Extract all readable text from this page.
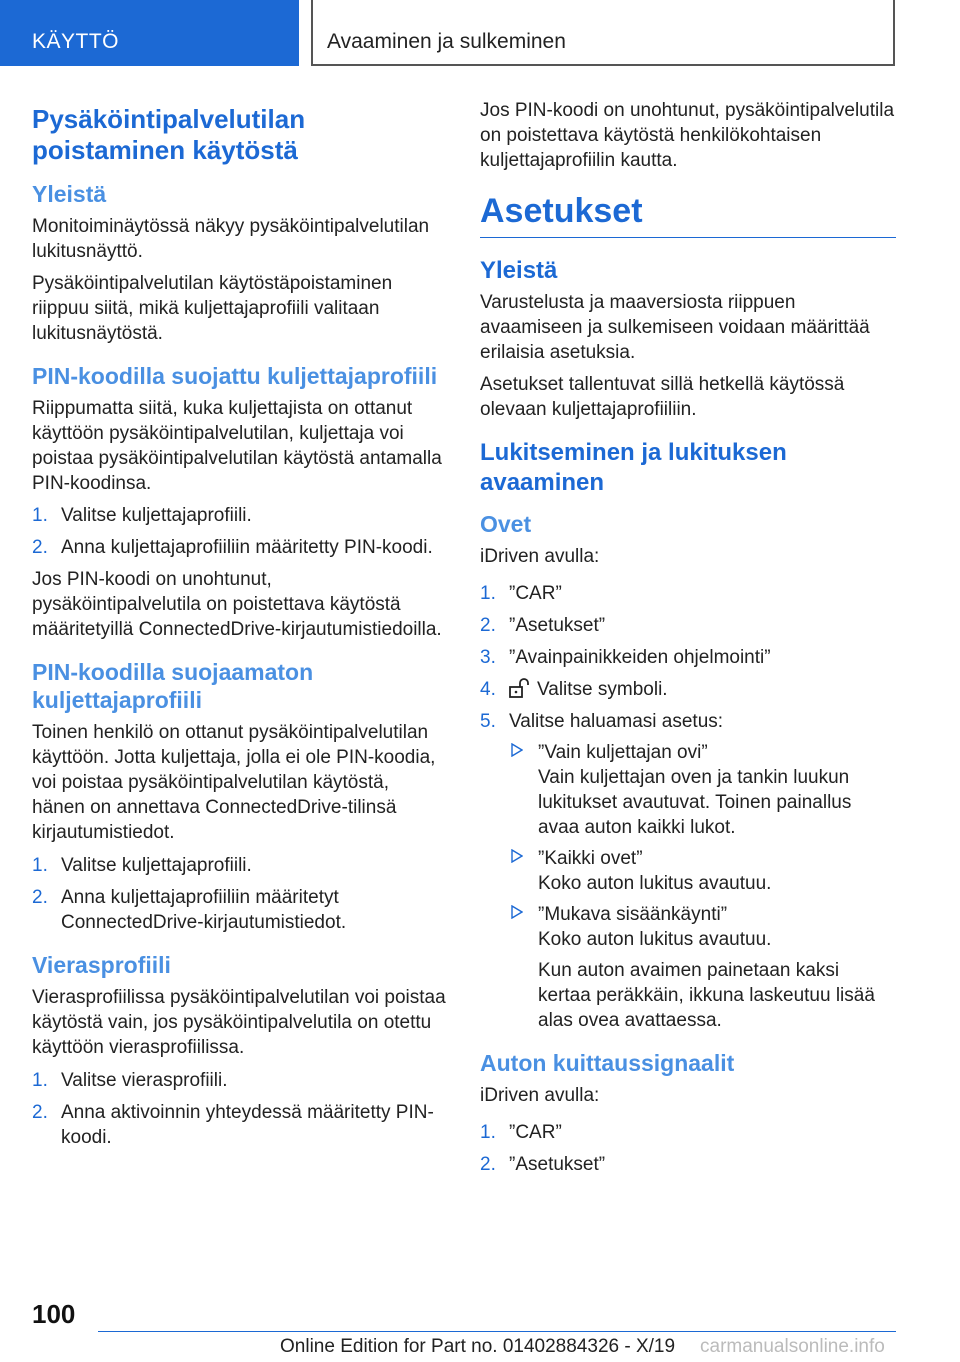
KÄYTTÖ	Avaaminen ja sulkeminen
Pysäköintipalvelutilan poistaminen käytöstä
Yleistä

Monitoiminäytössä näkyy pysäköintipalvelutilan lukitusnäyttö.

Pysäköintipalvelutilan käytöstäpoistaminen riippuu siitä, mikä kuljettajaprofiili valitaan lukitusnäytöstä.

PIN-koodilla suojattu kuljettajaprofiili

Riippumatta siitä, kuka kuljettajista on ottanut käyttöön pysäköintipalvelutilan, kuljettaja voi poistaa pysäköintipalvelutilan käytöstä antamalla PIN-koodinsa.

1. Valitse kuljettajaprofiili.
2. Anna kuljettajaprofiiliin määritetty PIN-koodi.

Jos PIN-koodi on unohtunut, pysäköintipalvelutila on poistettava käytöstä määritetyillä ConnectedDrive-kirjautumistiedoilla.

PIN-koodilla suojaamaton kuljettajaprofiili

Toinen henkilö on ottanut pysäköintipalvelutilan käyttöön. Jotta kuljettaja, jolla ei ole PIN-koodia, voi poistaa pysäköintipalvelutilan käytöstä, hänen on annettava ConnectedDrive-tilinsä kirjautumistiedot.

1. Valitse kuljettajaprofiili.
2. Anna kuljettajaprofiiliin määritetyt ConnectedDrive-kirjautumistiedot.
Vierasprofiili

Vierasprofiilissa pysäköintipalvelutilan voi poistaa käytöstä vain, jos pysäköintipalvelutila on otettu käyttöön vierasprofiilissa.

1. Valitse vierasprofiili.
2. Anna aktivoinnin yhteydessä määritetty PIN-koodi.

Jos PIN-koodi on unohtunut, pysäköintipalvelutila on poistettava käytöstä henkilökohtaisen kuljettajaprofiilin kautta.

Asetukset
Yleistä

Varustelusta ja maaversiosta riippuen avaamiseen ja sulkemiseen voidaan määrittää erilaisia asetuksia.

Asetukset tallentuvat sillä hetkellä käytössä olevaan kuljettajaprofiiliin.

Lukitseminen ja lukituksen avaaminen
Ovet

iDriven avulla:

1. ”CAR”
2. ”Asetukset”
3. ”Avainpainikkeiden ohjelmointi”
4. Valitse symboli.
5. Valitse haluamasi asetus:
”Vain kuljettajan ovi”

Vain kuljettajan oven ja tankin luukun lukitukset avautuvat. Toinen painallus avaa auton kaikki lukot.

”Kaikki ovet”

Koko auton lukitus avautuu.

”Mukava sisäänkäynti”

Koko auton lukitus avautuu.

Kun auton avaimen painetaan kaksi kertaa peräkkäin, ikkuna laskeutuu lisää alas ovea avattaessa.

Auton kuittaussignaalit

iDriven avulla:

1. ”CAR”
2. ”Asetukset”
100
Online Edition for Part no. 01402884326 - X/19 carmanualsonline.info
